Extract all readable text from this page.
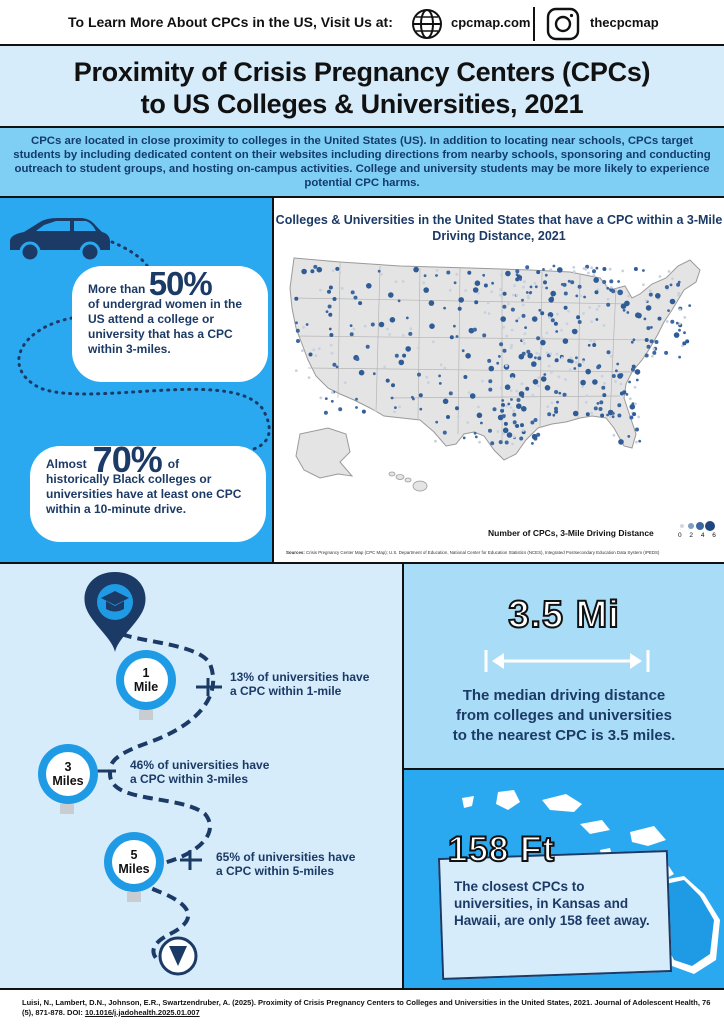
To Learn More About CPCs in the US, Visit Us at:	cpcmap.com	thecpcmap
Proximity of Crisis Pregnancy Centers (CPCs)
to US Colleges & Universities, 2021

CPCs are located in close proximity to colleges in the United States (US). In addition to locating near schools, CPCs target students by including dedicated content on their websites including directions from nearby schools, sponsoring and conducting outreach to student groups, and hosting on-campus activities. College and university students may be more likely to experience potential CPC harms.

More than 50%
of undergrad women in the US attend a college or university that has a CPC within 3-miles.
Almost 70% of
historically Black colleges or universities have at least one CPC within a 10-minute drive.
Colleges & Universities in the United States that have a CPC within a 3-Mile Driving Distance, 2021
Number of CPCs, 3-Mile Driving Distance	0 2 4 6
Sources: Crisis Pregnancy Center Map (CPC Map); U.S. Department of Education, National Center for Education Statistics (NCES), Integrated Postsecondary Education Data System (IPEDS)
1
Mile
13% of universities have
a CPC within 1-mile
3
Miles
46% of universities have
a CPC within 3-miles
5
Miles
65% of universities have
a CPC within 5-miles
3.5 Mi
The median driving distance
from colleges and universities
to the nearest CPC is 3.5 miles.
158 Ft
The closest CPCs to universities, in Kansas and Hawaii, are only 158 feet away.
Luisi, N., Lambert, D.N., Johnson, E.R., Swartzendruber, A. (2025). Proximity of Crisis Pregnancy Centers to Colleges and Universities in the United States, 2021. Journal of Adolescent Health, 76 (5), 871-878. DOI: 10.1016/j.jadohealth.2025.01.007
